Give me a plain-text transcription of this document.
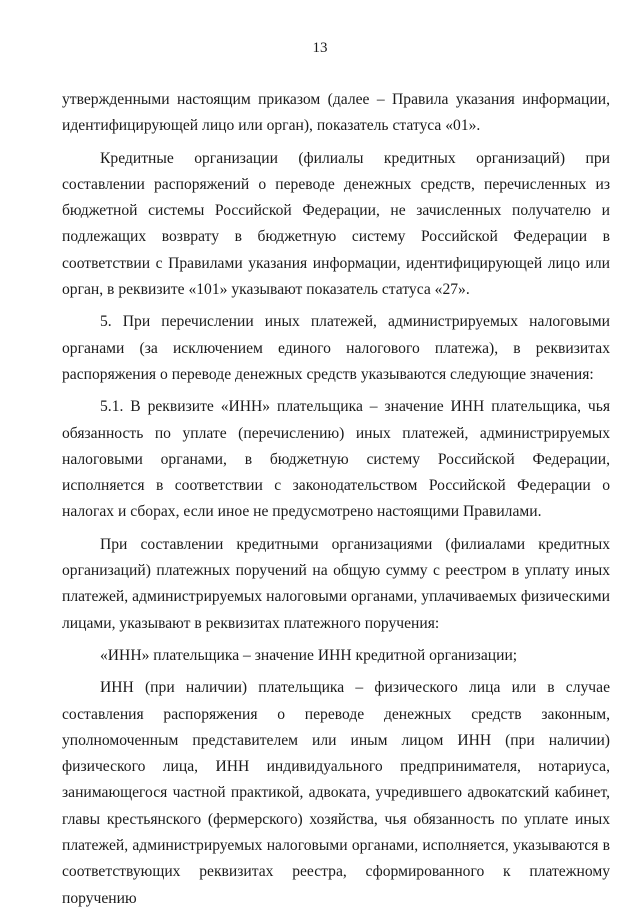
13

утвержденными настоящим приказом (далее – Правила указания информации, идентифицирующей лицо или орган), показатель статуса «01».

Кредитные организации (филиалы кредитных организаций) при составлении распоряжений о переводе денежных средств, перечисленных из бюджетной системы Российской Федерации, не зачисленных получателю и подлежащих возврату в бюджетную систему Российской Федерации в соответствии с Правилами указания информации, идентифицирующей лицо или орган, в реквизите «101» указывают показатель статуса «27».

5. При перечислении иных платежей, администрируемых налоговыми органами (за исключением единого налогового платежа), в реквизитах распоряжения о переводе денежных средств указываются следующие значения:

5.1. В реквизите «ИНН» плательщика – значение ИНН плательщика, чья обязанность по уплате (перечислению) иных платежей, администрируемых налоговыми органами, в бюджетную систему Российской Федерации, исполняется в соответствии с законодательством Российской Федерации о налогах и сборах, если иное не предусмотрено настоящими Правилами.

При составлении кредитными организациями (филиалами кредитных организаций) платежных поручений на общую сумму с реестром в уплату иных платежей, администрируемых налоговыми органами, уплачиваемых физическими лицами, указывают в реквизитах платежного поручения:

«ИНН» плательщика – значение ИНН кредитной организации;

ИНН (при наличии) плательщика – физического лица или в случае составления распоряжения о переводе денежных средств законным, уполномоченным представителем или иным лицом ИНН (при наличии) физического лица, ИНН индивидуального предпринимателя, нотариуса, занимающегося частной практикой, адвоката, учредившего адвокатский кабинет, главы крестьянского (фермерского) хозяйства, чья обязанность по уплате иных платежей, администрируемых налоговыми органами, исполняется, указываются в соответствующих реквизитах реестра, сформированного к платежному поручению
